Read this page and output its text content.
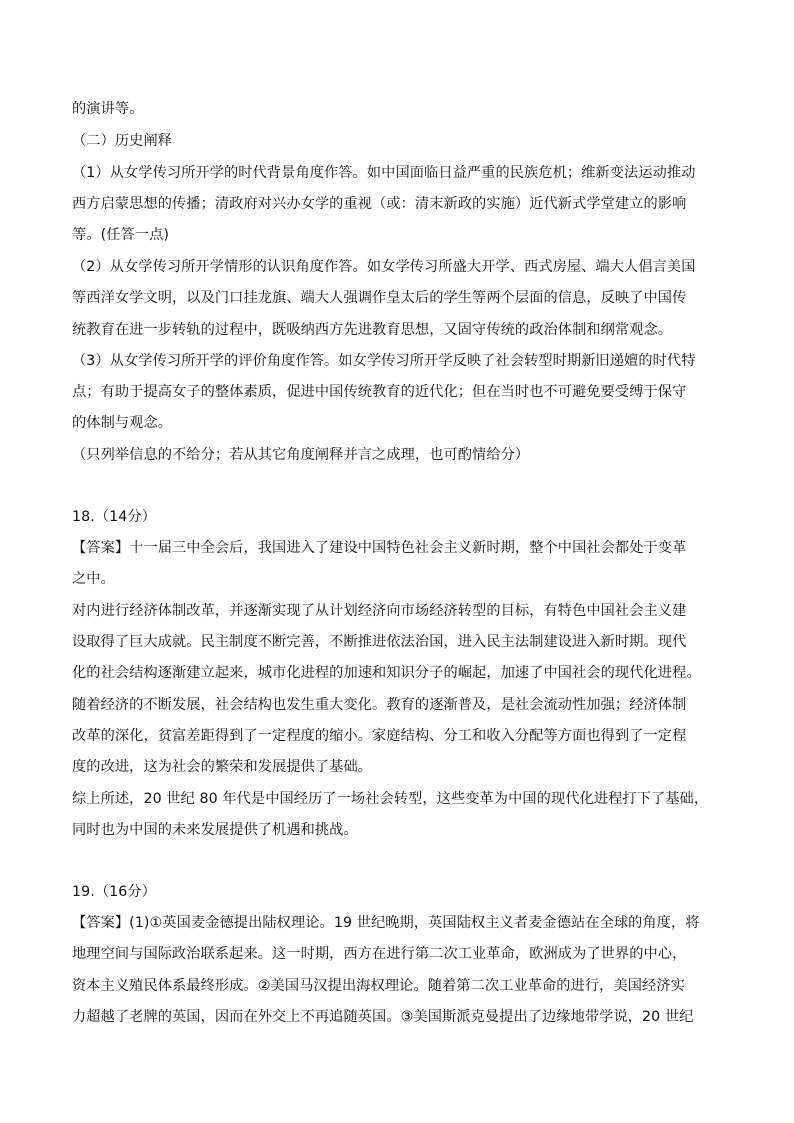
的演讲等。
（二）历史阐释
（1）从女学传习所开学的时代背景角度作答。如中国面临日益严重的民族危机；维新变法运动推动
西方启蒙思想的传播；清政府对兴办女学的重视（或：清末新政的实施）近代新式学堂建立的影响
等。(任答一点)
（2）从女学传习所开学情形的认识角度作答。如女学传习所盛大开学、西式房屋、端大人倡言美国
等西洋女学文明，以及门口挂龙旗、端大人强调作皇太后的学生等两个层面的信息，反映了中国传
统教育在进一步转轨的过程中，既吸纳西方先进教育思想，又固守传统的政治体制和纲常观念。
（3）从女学传习所开学的评价角度作答。如女学传习所开学反映了社会转型时期新旧递嬗的时代特
点；有助于提高女子的整体素质，促进中国传统教育的近代化；但在当时也不可避免要受缚于保守
的体制与观念。
（只列举信息的不给分；若从其它角度阐释并言之成理，也可酌情给分）
18.（14分）
【答案】十一届三中全会后，我国进入了建设中国特色社会主义新时期，整个中国社会都处于变革
之中。
对内进行经济体制改革，并逐渐实现了从计划经济向市场经济转型的目标，有特色中国社会主义建
设取得了巨大成就。民主制度不断完善，不断推进依法治国，进入民主法制建设进入新时期。现代
化的社会结构逐渐建立起来，城市化进程的加速和知识分子的崛起，加速了中国社会的现代化进程。
随着经济的不断发展，社会结构也发生重大变化。教育的逐渐普及，是社会流动性加强；经济体制
改革的深化，贫富差距得到了一定程度的缩小。家庭结构、分工和收入分配等方面也得到了一定程
度的改进，这为社会的繁荣和发展提供了基础。
综上所述，20 世纪 80 年代是中国经历了一场社会转型，这些变革为中国的现代化进程打下了基础，
同时也为中国的未来发展提供了机遇和挑战。
19.（16分）
【答案】(1)①英国麦金德提出陆权理论。19 世纪晚期，英国陆权主义者麦金德站在全球的角度，将
地理空间与国际政治联系起来。这一时期，西方在进行第二次工业革命，欧洲成为了世界的中心，
资本主义殖民体系最终形成。②美国马汉提出海权理论。随着第二次工业革命的进行，美国经济实
力超越了老牌的英国，因而在外交上不再追随英国。③美国斯派克曼提出了边缘地带学说，20 世纪
